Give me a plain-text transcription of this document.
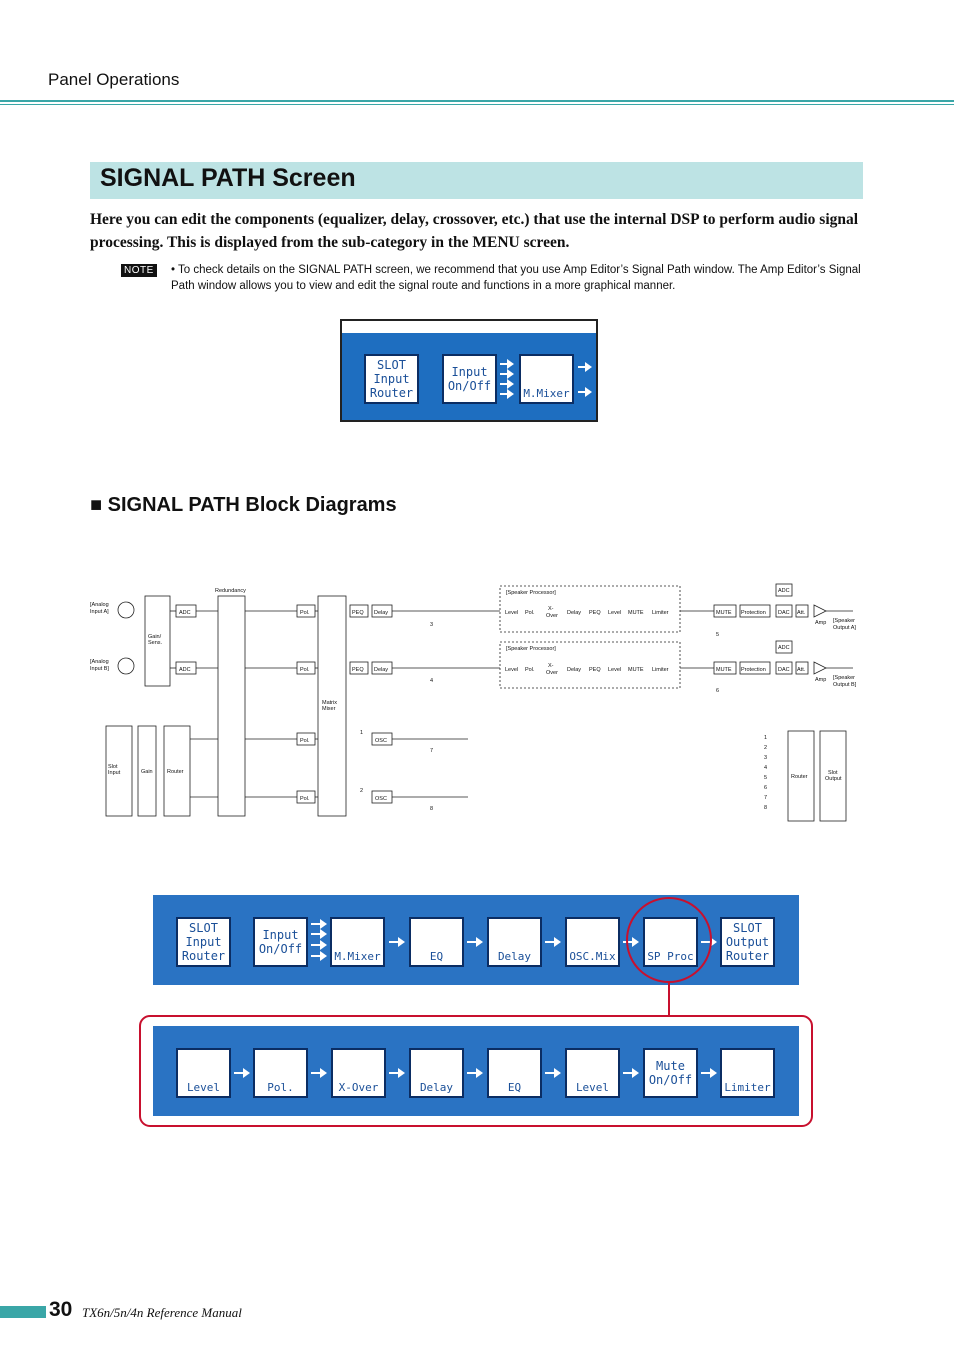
Panel Operations
SIGNAL PATH Screen
Here you can edit the components (equalizer, delay, crossover, etc.) that use the internal DSP to perform audio signal processing. This is displayed from the sub-category in the MENU screen.
NOTE • To check details on the SIGNAL PATH screen, we recommend that you use Amp Editor’s Signal Path window. The Amp Editor’s Signal Path window allows you to view and edit the signal route and functions in a more graphical manner.
SLOT Input Router
Input On/Off
M.Mixer
■ SIGNAL PATH Block Diagrams
[Analog
Input A]
[Analog
Input B]
Gain/
Sens.
ADC
ADC
Redundancy
Pol.
Pol.
Pol.
Pol.
Matrix
Mixer
PEQ Delay
PEQ Delay
OSC
OSC
3
4
1
7
2
8
Slot
Input	Gain	Router
[Speaker Processor]
[Speaker Processor]
Level Pol.
X-
Over Delay PEQ Level MUTE Limiter
Level Pol.
X-
Over Delay PEQ Level MUTE Limiter
MUTE Protection DAC Att.
MUTE Protection DAC Att.
ADC
ADC
5
6
Amp
Amp
[Speaker
Output A]
[Speaker
Output B]
Router
Slot
Output
1
2
3
4
5
6
7
8
SLOT Input Router
Input On/Off
M.Mixer	EQ	Delay	OSC.Mix	SP Proc
SLOT Output Router
Level	Pol.	X-Over	Delay	EQ	Level
Mute On/Off
Limiter
30 TX6n/5n/4n Reference Manual
